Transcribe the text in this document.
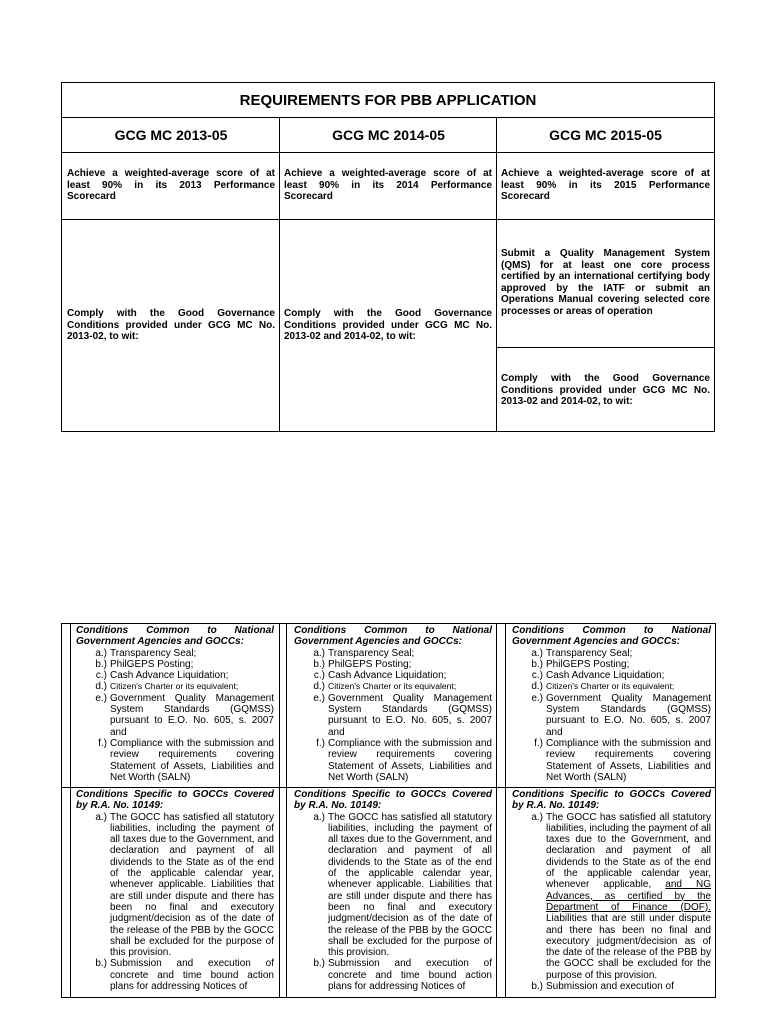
REQUIREMENTS FOR PBB APPLICATION
GCG MC 2013-05	GCG MC 2014-05	GCG MC 2015-05
Achieve a weighted-average score of at least 90% in its 2013 Performance Scorecard
Achieve a weighted-average score of at least 90% in its 2014 Performance Scorecard
Achieve a weighted-average score of at least 90% in its 2015 Performance Scorecard
Comply with the Good Governance Conditions provided under GCG MC No. 2013-02, to wit:
Comply with the Good Governance Conditions provided under GCG MC No. 2013-02 and 2014-02, to wit:
Submit a Quality Management System (QMS) for at least one core process certified by an international certifying body approved by the IATF or submit an Operations Manual covering selected core processes or areas of operation
Comply with the Good Governance Conditions provided under GCG MC No. 2013-02 and 2014-02, to wit:
Conditions Common to National Government Agencies and GOCCs:
a.) Transparency Seal;
b.) PhilGEPS Posting;
c.) Cash Advance Liquidation;
d.) Citizen's Charter or its equivalent;
e.) Government Quality Management System Standards (GQMSS) pursuant to E.O. No. 605, s. 2007 and
f.) Compliance with the submission and review requirements covering Statement of Assets, Liabilities and Net Worth (SALN)
Conditions Specific to GOCCs Covered by R.A. No. 10149:
a.) The GOCC has satisfied all statutory liabilities, including the payment of all taxes due to the Government, and declaration and payment of all dividends to the State as of the end of the applicable calendar year, whenever applicable. Liabilities that are still under dispute and there has been no final and executory judgment/decision as of the date of the release of the PBB by the GOCC shall be excluded for the purpose of this provision.
b.) Submission and execution of concrete and time bound action plans for addressing Notices of
Conditions Common to National Government Agencies and GOCCs:
a.) Transparency Seal;
b.) PhilGEPS Posting;
c.) Cash Advance Liquidation;
d.) Citizen's Charter or its equivalent;
e.) Government Quality Management System Standards (GQMSS) pursuant to E.O. No. 605, s. 2007 and
f.) Compliance with the submission and review requirements covering Statement of Assets, Liabilities and Net Worth (SALN)
Conditions Specific to GOCCs Covered by R.A. No. 10149:
a.) The GOCC has satisfied all statutory liabilities, including the payment of all taxes due to the Government, and declaration and payment of all dividends to the State as of the end of the applicable calendar year, whenever applicable. Liabilities that are still under dispute and there has been no final and executory judgment/decision as of the date of the release of the PBB by the GOCC shall be excluded for the purpose of this provision.
b.) Submission and execution of concrete and time bound action plans for addressing Notices of
Conditions Common to National Government Agencies and GOCCs:
a.) Transparency Seal;
b.) PhilGEPS Posting;
c.) Cash Advance Liquidation;
d.) Citizen's Charter or its equivalent;
e.) Government Quality Management System Standards (GQMSS) pursuant to E.O. No. 605, s. 2007 and
f.) Compliance with the submission and review requirements covering Statement of Assets, Liabilities and Net Worth (SALN)
Conditions Specific to GOCCs Covered by R.A. No. 10149:
a.) The GOCC has satisfied all statutory liabilities, including the payment of all taxes due to the Government, and declaration and payment of all dividends to the State as of the end of the applicable calendar year, whenever applicable, and NG Advances, as certified by the Department of Finance (DOF). Liabilities that are still under dispute and there has been no final and executory judgment/decision as of the date of the release of the PBB by the GOCC shall be excluded for the purpose of this provision.
b.) Submission and execution of
